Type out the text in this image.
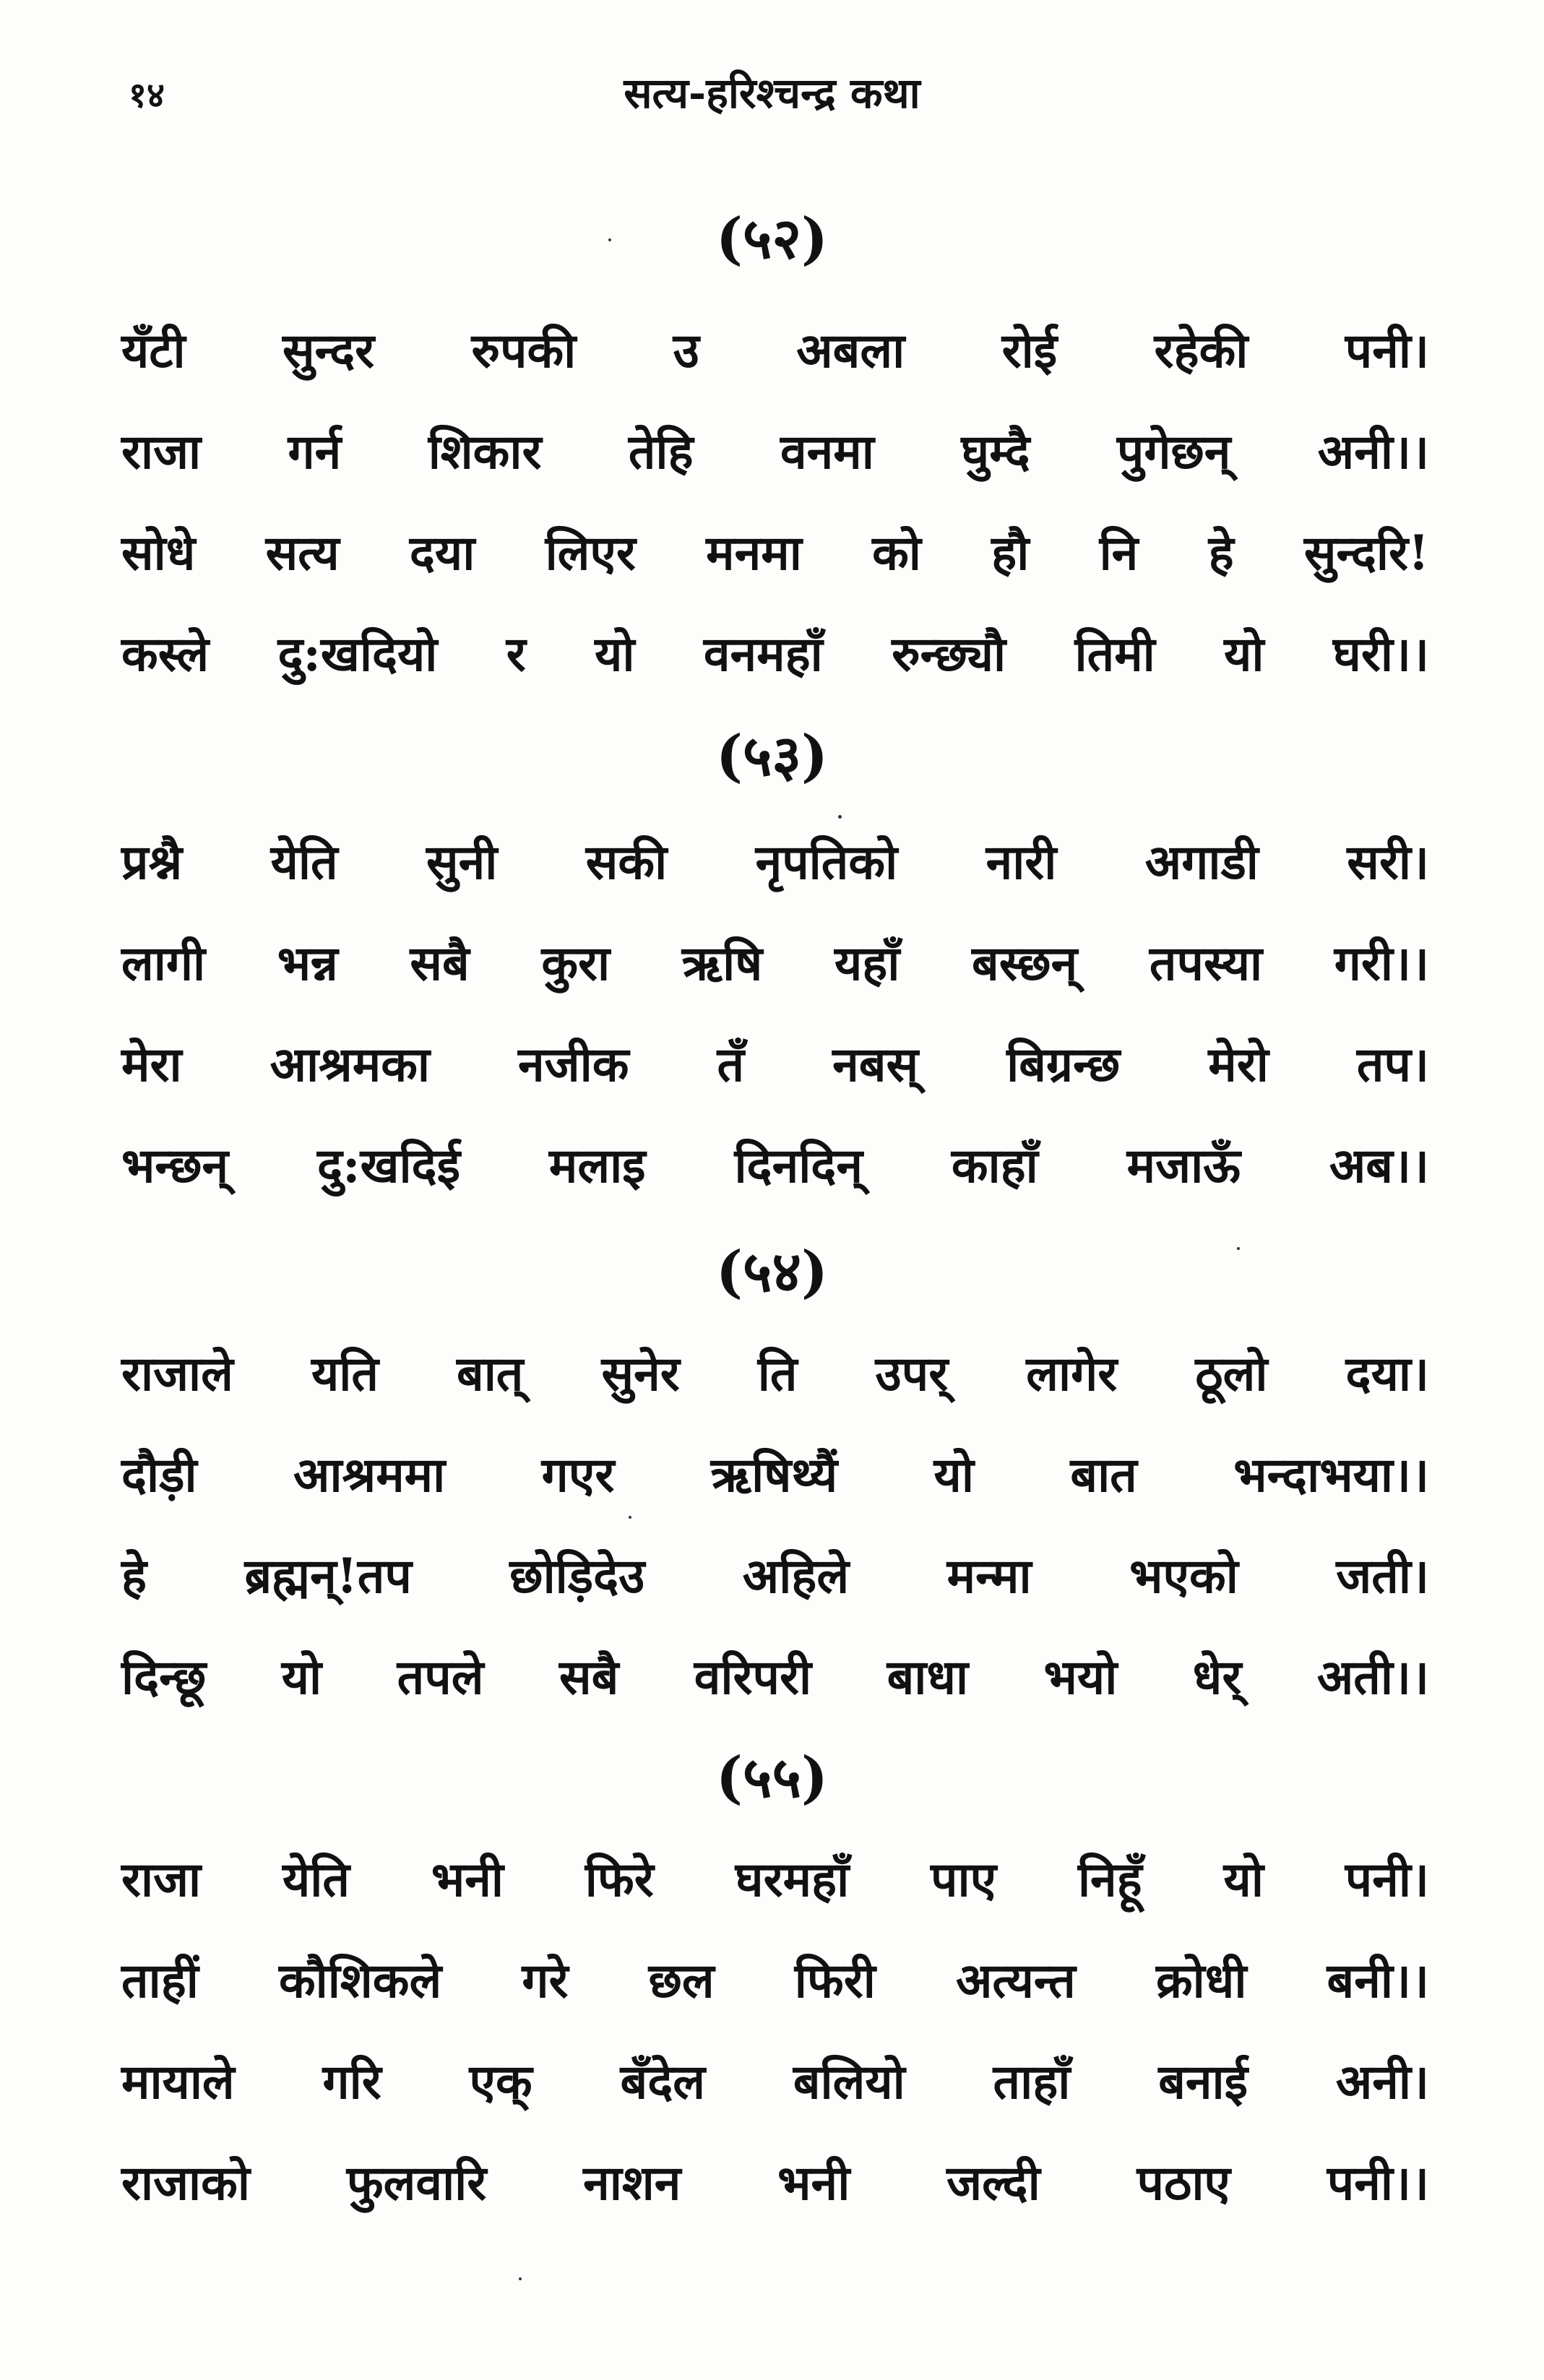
१४	सत्य-हरिश्चन्द्र कथा
(५२)
यँटी सुन्दर रुपकी उ अबला रोई रहेकी पनी।
राजा गर्न शिकार तेहि वनमा घुम्दै पुगेछन् अनी।।
सोधे सत्य दया लिएर मनमा को हौ नि हे सुन्दरि!
कस्ले दु:खदियो र यो वनमहाँ रुन्छ्यौ तिमी यो घरी।।
(५३)
प्रश्नै येति सुनी सकी नृपतिको नारी अगाडी सरी।
लागी भन्न सबै कुरा ऋषि यहाँ बस्छन् तपस्या गरी।।
मेरा आश्रमका नजीक तँ नबस् बिग्रन्छ मेरो तप।
भन्छन् दु:खदिई मलाइ दिनदिन् काहाँ मजाऊँ अब।।
(५४)
राजाले यति बात् सुनेर ति उपर् लागेर ठूलो दया।
दौड़ी आश्रममा गएर ऋषिथ्यैं यो बात भन्दाभया।।
हे ब्रह्मन्!तप छोड़िदेउ अहिले मन्मा भएको जती।
दिन्छू यो तपले सबै वरिपरी बाधा भयो धेर् अती।।
(५५)
राजा येति भनी फिरे घरमहाँ पाए निहूँ यो पनी।
ताहीं कौशिकले गरे छल फिरी अत्यन्त क्रोधी बनी।।
मायाले गरि एक् बँदेल बलियो ताहाँ बनाई अनी।
राजाको फुलवारि नाशन भनी जल्दी पठाए पनी।।
